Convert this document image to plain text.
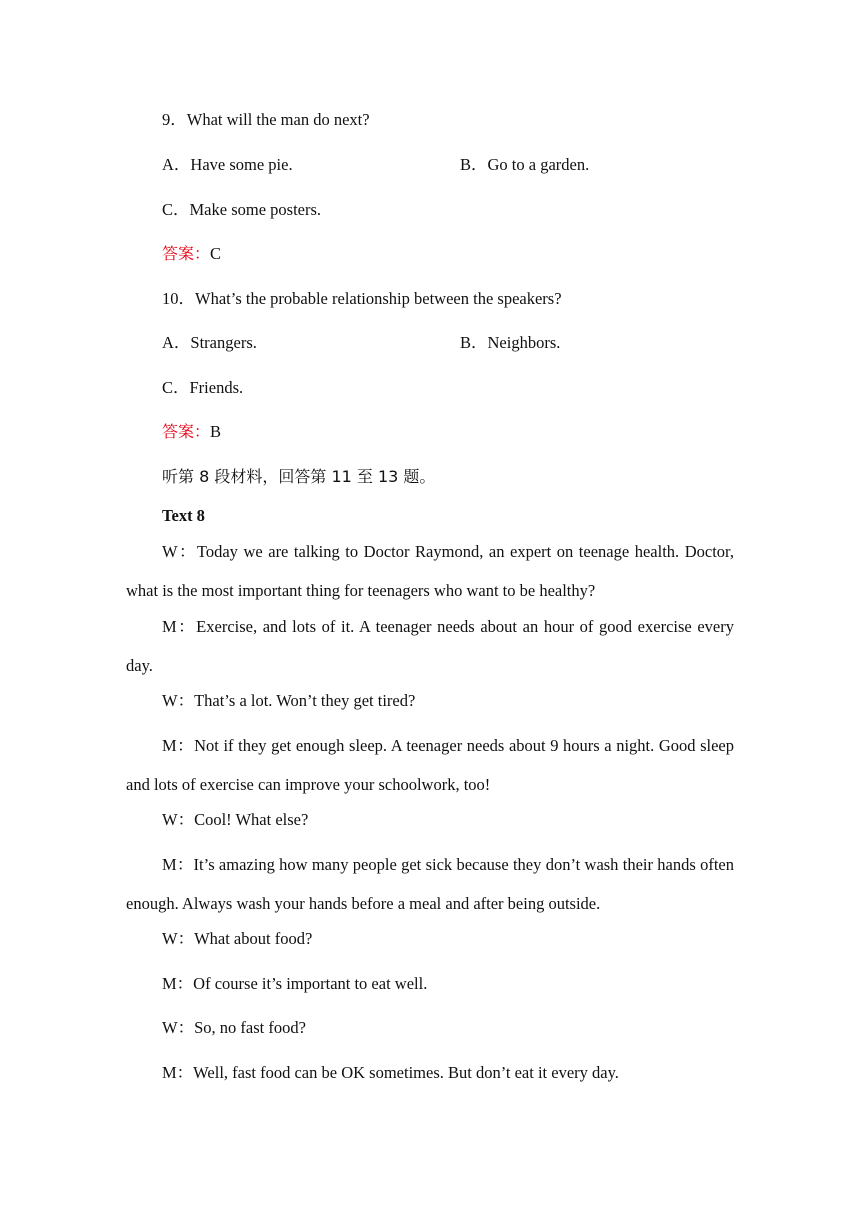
9．What will the man do next?
A．Have some pie.	B．Go to a garden.
C．Make some posters.
答案：C
10．What’s the probable relationship between the speakers?
A．Strangers.	B．Neighbors.
C．Friends.
答案：B
听第 8 段材料，回答第 11 至 13 题。
Text 8
W：Today we are talking to Doctor Raymond, an expert on teenage health. Doctor, what is the most important thing for teenagers who want to be healthy?
M：Exercise, and lots of it. A teenager needs about an hour of good exercise every day.
W：That’s a lot. Won’t they get tired?
M：Not if they get enough sleep. A teenager needs about 9 hours a night. Good sleep and lots of exercise can improve your schoolwork, too!
W：Cool! What else?
M：It’s amazing how many people get sick because they don’t wash their hands often enough. Always wash your hands before a meal and after being outside.
W：What about food?
M：Of course it’s important to eat well.
W：So, no fast food?
M：Well, fast food can be OK sometimes. But don’t eat it every day.
